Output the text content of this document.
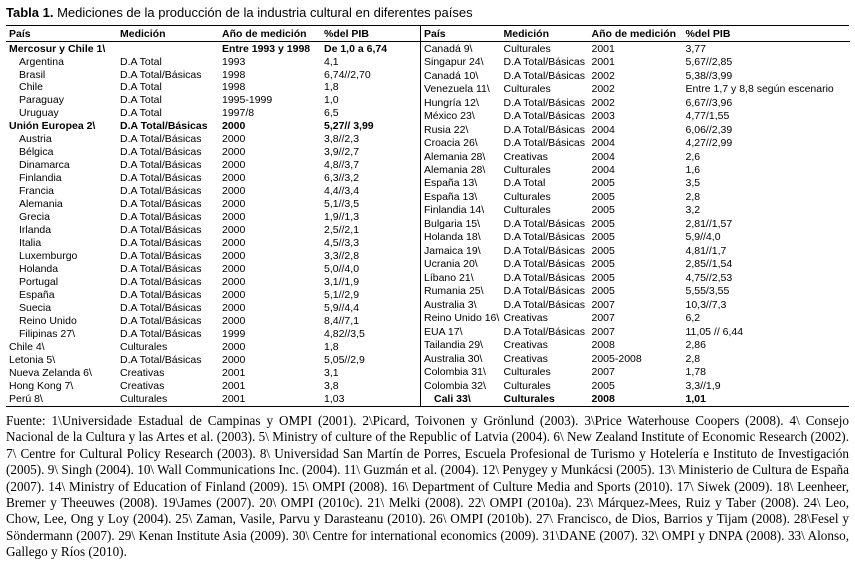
Tabla 1. Mediciones de la producción de la industria cultural en diferentes países
País	Medición	Año de medición	%del PIB
Mercosur y Chile 1\		Entre 1993 y 1998	De 1,0 a 6,74
Argentina	D.A Total	1993	4,1
Brasil	D.A Total/Básicas	1998	6,74//2,70
Chile	D.A Total	1998	1,8
Paraguay	D.A Total	1995-1999	1,0
Uruguay	D.A Total	1997/8	6,5
Unión Europea 2\	D.A Total/Básicas	2000	5,27// 3,99
Austria	D.A Total/Básicas	2000	3,8//2,3
Bélgica	D.A Total/Básicas	2000	3,9//2,7
Dinamarca	D.A Total/Básicas	2000	4,8//3,7
Finlandia	D.A Total/Básicas	2000	6,3//3,2
Francia	D.A Total/Básicas	2000	4,4//3,4
Alemania	D.A Total/Básicas	2000	5,1//3,5
Grecia	D.A Total/Básicas	2000	1,9//1,3
Irlanda	D.A Total/Básicas	2000	2,5//2,1
Italia	D.A Total/Básicas	2000	4,5//3,3
Luxemburgo	D.A Total/Básicas	2000	3,3//2,8
Holanda	D.A Total/Básicas	2000	5,0//4,0
Portugal	D.A Total/Básicas	2000	3,1//1,9
España	D.A Total/Básicas	2000	5,1//2,9
Suecia	D.A Total/Básicas	2000	5,9//4,4
Reino Unido	D.A Total/Básicas	2000	8,4//7,1
Filipinas 27\	D.A Total/Básicas	1999	4,82//3,5
Chile 4\	Culturales	2000	1,8
Letonia 5\	D.A Total/Básicas	2000	5,05//2,9
Nueva Zelanda 6\	Creativas	2001	3,1
Hong Kong 7\	Creativas	2001	3,8
Perú 8\	Culturales	2001	1,03
País	Medición	Año de medición	%del PIB
Canadá 9\	Culturales	2001	3,77
Singapur 24\	D.A Total/Básicas	2001	5,67//2,85
Canadá 10\	D.A Total/Básicas	2002	5,38//3,99
Venezuela 11\	Culturales	2002	Entre 1,7 y 8,8 según escenario
Hungría 12\	D.A Total/Básicas	2002	6,67//3,96
México 23\	D.A Total/Básicas	2003	4,77/1,55
Rusia 22\	D.A Total/Básicas	2004	6,06//2,39
Croacia 26\	D.A Total/Básicas	2004	4,27//2,99
Alemania 28\	Creativas	2004	2,6
Alemania 28\	Culturales	2004	1,6
España 13\	D.A Total	2005	3,5
España 13\	Culturales	2005	2,8
Finlandia 14\	Culturales	2005	3,2
Bulgaria 15\	D.A Total/Básicas	2005	2,81//1,57
Holanda 18\	D.A Total/Básicas	2005	5,9//4,0
Jamaica 19\	D.A Total/Básicas	2005	4,81//1,7
Ucrania 20\	D.A Total/Básicas	2005	2,85//1,54
Líbano 21\	D.A Total/Básicas	2005	4,75//2,53
Rumania 25\	D.A Total/Básicas	2005	5,55/3,55
Australia 3\	D.A Total/Básicas	2007	10,3//7,3
Reino Unido 16\	Creativas	2007	6,2
EUA 17\	D.A Total/Básicas	2007	11,05 // 6,44
Tailandia 29\	Creativas	2008	2,86
Australia 30\	Creativas	2005-2008	2,8
Colombia 31\	Culturales	2007	1,78
Colombia 32\	Culturales	2005	3,3//1,9
Cali 33\	Culturales	2008	1,01

Fuente: 1\Universidade Estadual de Campinas y OMPI (2001). 2\Picard, Toivonen y Grönlund (2003). 3\Price Waterhouse Coopers (2008). 4\ Consejo Nacional de la Cultura y las Artes et al. (2003). 5\ Ministry of culture of the Republic of Latvia (2004). 6\ New Zealand Institute of Economic Research (2002). 7\ Centre for Cultural Policy Research (2003). 8\ Universidad San Martín de Porres, Escuela Profesional de Turismo y Hotelería e Instituto de Investigación (2005). 9\ Singh (2004). 10\ Wall Communications Inc. (2004). 11\ Guzmán et al. (2004). 12\ Penygey y Munkácsi (2005). 13\ Ministerio de Cultura de España (2007). 14\ Ministry of Education of Finland (2009). 15\ OMPI (2008). 16\ Department of Culture Media and Sports (2010). 17\ Siwek (2009). 18\ Leenheer, Bremer y Theeuwes (2008). 19\James (2007). 20\ OMPI (2010c). 21\ Melki (2008). 22\ OMPI (2010a). 23\ Márquez-Mees, Ruiz y Taber (2008). 24\ Leo, Chow, Lee, Ong y Loy (2004). 25\ Zaman, Vasile, Parvu y Darasteanu (2010). 26\ OMPI (2010b). 27\ Francisco, de Dios, Barrios y Tijam (2008). 28\Fesel y Söndermann (2007). 29\ Kenan Institute Asia (2009). 30\ Centre for international economics (2009). 31\DANE (2007). 32\ OMPI y DNPA (2008). 33\ Alonso, Gallego y Ríos (2010).
